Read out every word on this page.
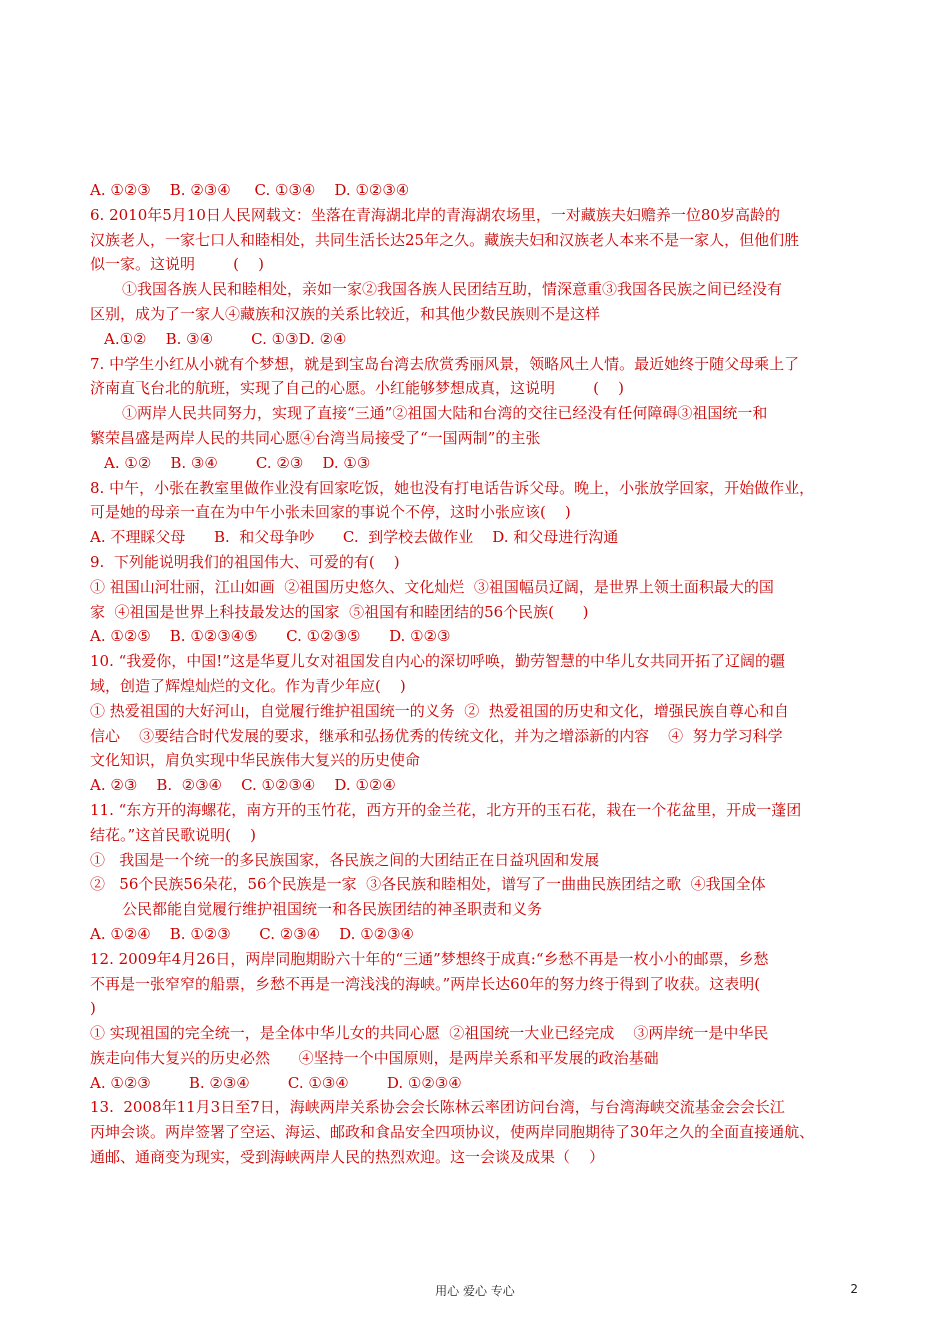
A. ①②③    B. ②③④     C. ①③④    D. ①②③④
6. 2010年5月10日人民网载文：坐落在青海湖北岸的青海湖农场里，一对藏族夫妇赡养一位80岁高龄的
汉族老人，一家七口人和睦相处，共同生活长达25年之久。藏族夫妇和汉族老人本来不是一家人，但他们胜
似一家。这说明        (    )
①我国各族人民和睦相处，亲如一家②我国各族人民团结互助，情深意重③我国各民族之间已经没有
区别，成为了一家人④藏族和汉族的关系比较近，和其他少数民族则不是这样
A.①②    B. ③④        C. ①③D. ②④
7. 中学生小红从小就有个梦想，就是到宝岛台湾去欣赏秀丽风景，领略风土人情。最近她终于随父母乘上了
济南直飞台北的航班，实现了自己的心愿。小红能够梦想成真，这说明        (    )
①两岸人民共同努力，实现了直接“三通”②祖国大陆和台湾的交往已经没有任何障碍③祖国统一和
繁荣昌盛是两岸人民的共同心愿④台湾当局接受了“一国两制”的主张
A. ①②    B. ③④        C. ②③    D. ①③
8. 中午，小张在教室里做作业没有回家吃饭，她也没有打电话告诉父母。晚上，小张放学回家，开始做作业，
可是她的母亲一直在为中午小张未回家的事说个不停，这时小张应该(    )
A. 不理睬父母      B.  和父母争吵      C.  到学校去做作业    D. 和父母进行沟通
9.  下列能说明我们的祖国伟大、可爱的有(    )
① 祖国山河壮丽，江山如画  ②祖国历史悠久、文化灿烂  ③祖国幅员辽阔，是世界上领土面积最大的国
家  ④祖国是世界上科技最发达的国家  ⑤祖国有和睦团结的56个民族(      )
A. ①②⑤    B. ①②③④⑤      C. ①②③⑤      D. ①②③
10. “我爱你，中国!”这是华夏儿女对祖国发自内心的深切呼唤，勤劳智慧的中华儿女共同开拓了辽阔的疆
域，创造了辉煌灿烂的文化。作为青少年应(    )
① 热爱祖国的大好河山，自觉履行维护祖国统一的义务  ②  热爱祖国的历史和文化，增强民族自尊心和自
信心    ③要结合时代发展的要求，继承和弘扬优秀的传统文化，并为之增添新的内容    ④  努力学习科学
文化知识，肩负实现中华民族伟大复兴的历史使命
A. ②③    B.  ②③④    C. ①②③④    D. ①②④
11. “东方开的海螺花，南方开的玉竹花，西方开的金兰花，北方开的玉石花，栽在一个花盆里，开成一蓬团
结花。”这首民歌说明(    )
①   我国是一个统一的多民族国家，各民族之间的大团结正在日益巩固和发展
②   56个民族56朵花，56个民族是一家  ③各民族和睦相处，谱写了一曲曲民族团结之歌  ④我国全体
公民都能自觉履行维护祖国统一和各民族团结的神圣职责和义务
A. ①②④    B. ①②③      C. ②③④    D. ①②③④
12. 2009年4月26日，两岸同胞期盼六十年的“三通”梦想终于成真:“乡愁不再是一枚小小的邮票，乡愁
不再是一张窄窄的船票，乡愁不再是一湾浅浅的海峡。”两岸长达60年的努力终于得到了收获。这表明(
)
① 实现祖国的完全统一，是全体中华儿女的共同心愿  ②祖国统一大业已经完成    ③两岸统一是中华民
族走向伟大复兴的历史必然      ④坚持一个中国原则，是两岸关系和平发展的政治基础
A. ①②③        B. ②③④        C. ①③④        D. ①②③④
13.  2008年11月3日至7日，海峡两岸关系协会会长陈林云率团访问台湾，与台湾海峡交流基金会会长江
丙坤会谈。两岸签署了空运、海运、邮政和食品安全四项协议，使两岸同胞期待了30年之久的全面直接通航、
通邮、通商变为现实，受到海峡两岸人民的热烈欢迎。这一会谈及成果（    ）
用心 爱心 专心	2
